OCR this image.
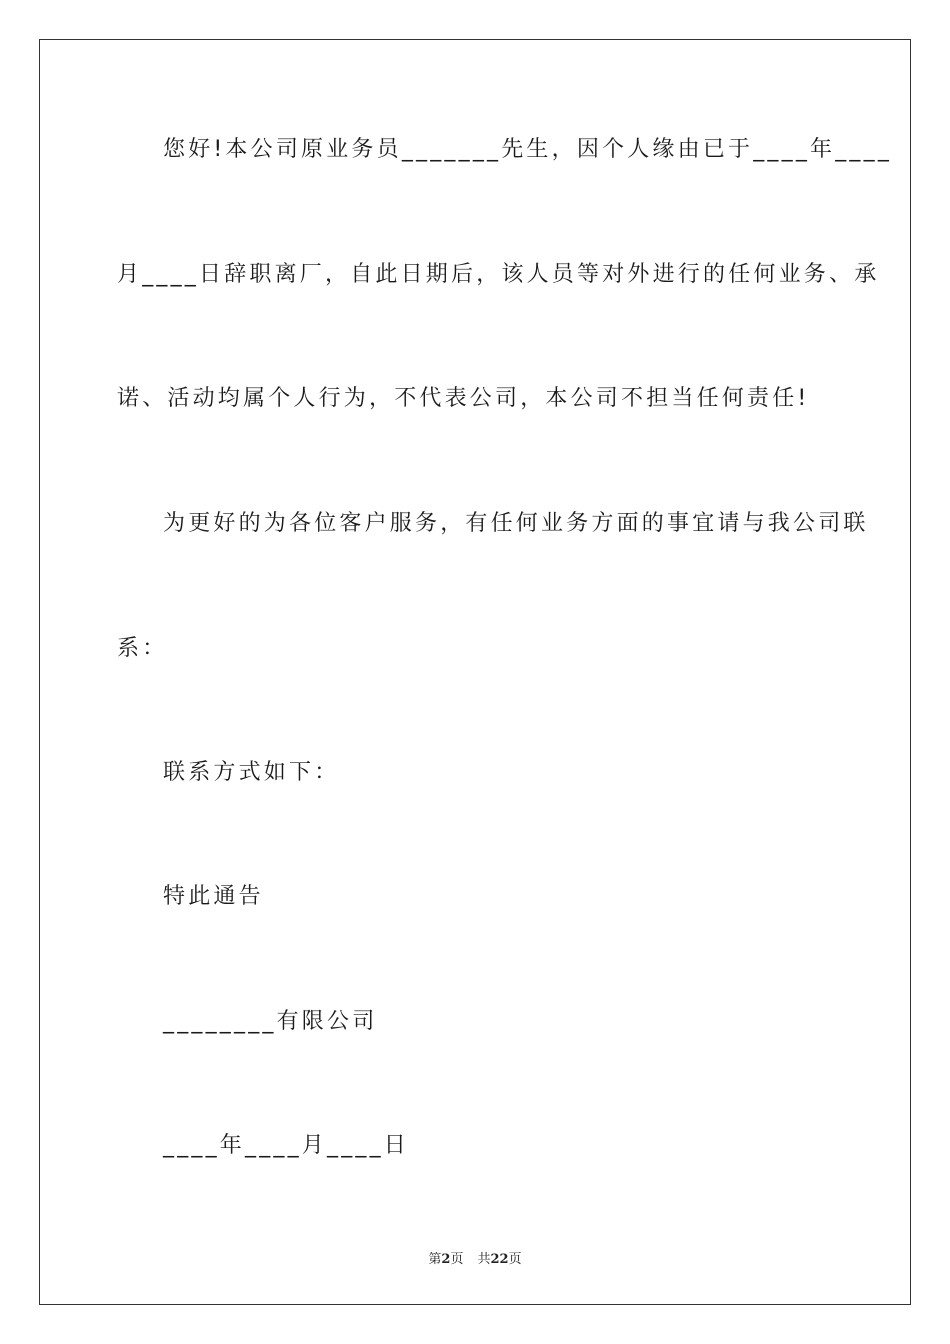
您好!本公司原业务员_______先生，因个人缘由已于____年____
月____日辞职离厂，自此日期后，该人员等对外进行的任何业务、承
诺、活动均属个人行为，不代表公司，本公司不担当任何责任!
为更好的为各位客户服务，有任何业务方面的事宜请与我公司联
系：
联系方式如下：
特此通告
________有限公司
____年____月____日
第2页 共22页
